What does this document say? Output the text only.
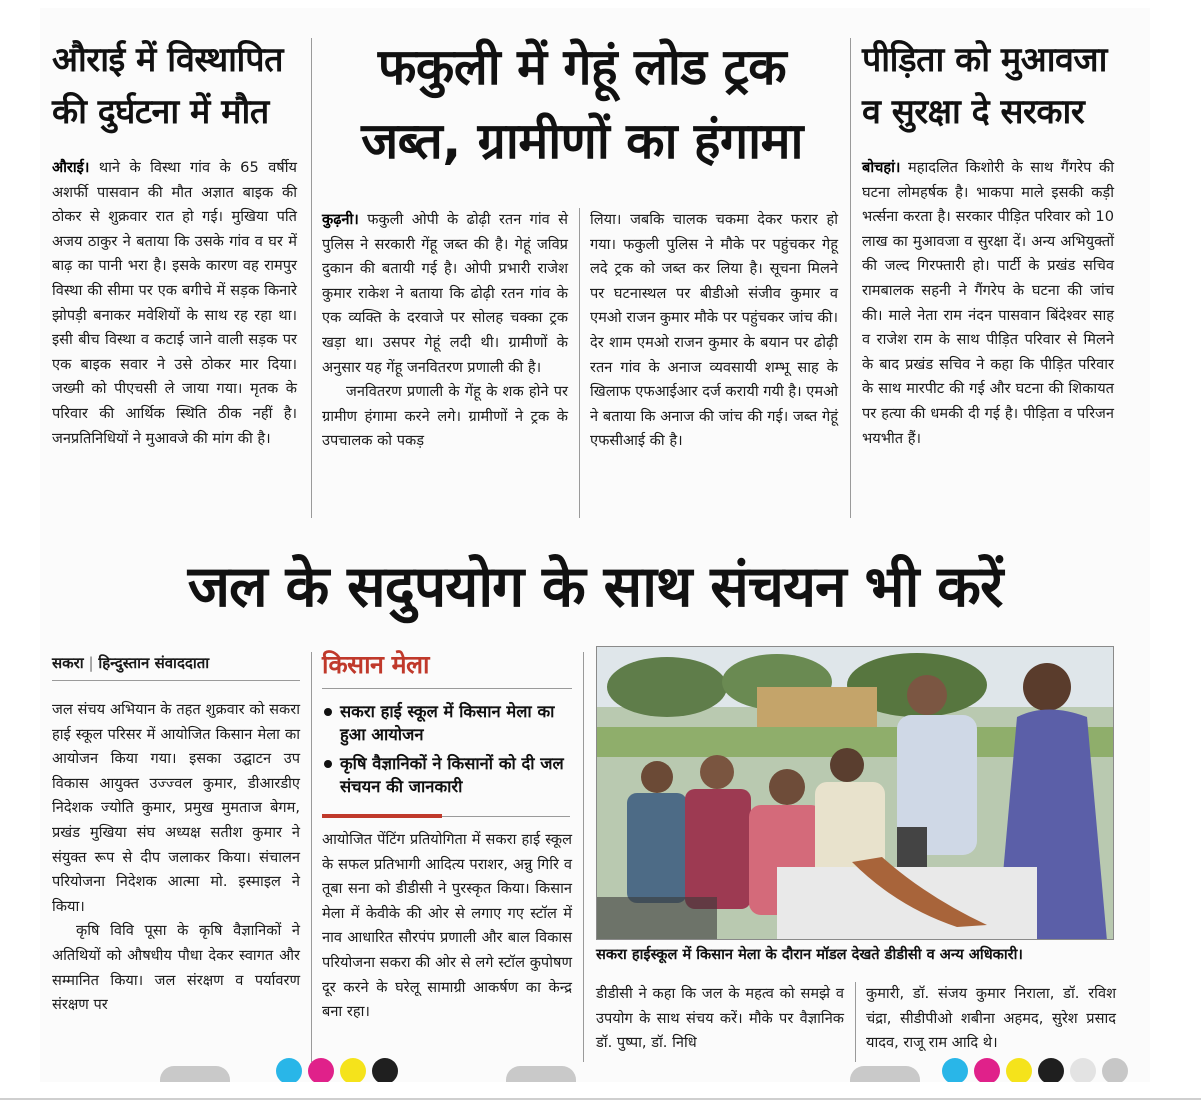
औराई में विस्थापित
की दुर्घटना में मौत
औराई। थाने के विस्था गांव के 65 वर्षीय अशर्फी पासवान की मौत अज्ञात बाइक की ठोकर से शुक्रवार रात हो गई। मुखिया पति अजय ठाकुर ने बताया कि उसके गांव व घर में बाढ़ का पानी भरा है। इसके कारण वह रामपुर विस्था की सीमा पर एक बगीचे में सड़क किनारे झोपड़ी बनाकर मवेशियों के साथ रह रहा था। इसी बीच विस्था व कटाई जाने वाली सड़क पर एक बाइक सवार ने उसे ठोकर मार दिया। जख्मी को पीएचसी ले जाया गया। मृतक के परिवार की आर्थिक स्थिति ठीक नहीं है। जनप्रतिनिधियों ने मुआवजे की मांग की है।
फकुली में गेहूं लोड ट्रक
जब्त, ग्रामीणों का हंगामा

कुढ़नी। फकुली ओपी के ढोढ़ी रतन गांव से पुलिस ने सरकारी गेंहू जब्त की है। गेहूं जविप्र दुकान की बतायी गई है। ओपी प्रभारी राजेश कुमार राकेश ने बताया कि ढोढ़ी रतन गांव के एक व्यक्ति के दरवाजे पर सोलह चक्का ट्रक खड़ा था। उसपर गेहूं लदी थी। ग्रामीणों के अनुसार यह गेंहू जनवितरण प्रणाली की है।

जनवितरण प्रणाली के गेंहू के शक होने पर ग्रामीण हंगामा करने लगे। ग्रामीणों ने ट्रक के उपचालक को पकड़

लिया। जबकि चालक चकमा देकर फरार हो गया। फकुली पुलिस ने मौके पर पहुंचकर गेहू लदे ट्रक को जब्त कर लिया है। सूचना मिलने पर घटनास्थल पर बीडीओ संजीव कुमार व एमओ राजन कुमार मौके पर पहुंचकर जांच की। देर शाम एमओ राजन कुमार के बयान पर ढोढ़ी रतन गांव के अनाज व्यवसायी शम्भू साह के खिलाफ एफआईआर दर्ज करायी गयी है। एमओ ने बताया कि अनाज की जांच की गई। जब्त गेहूं एफसीआई की है।
पीड़िता को मुआवजा
व सुरक्षा दे सरकार
बोचहां। महादलित किशोरी के साथ गैंगरेप की घटना लोमहर्षक है। भाकपा माले इसकी कड़ी भर्त्सना करता है। सरकार पीड़ित परिवार को 10 लाख का मुआवजा व सुरक्षा दें। अन्य अभियुक्तों की जल्द गिरफ्तारी हो। पार्टी के प्रखंड सचिव रामबालक सहनी ने गैंगरेप के घटना की जांच की। माले नेता राम नंदन पासवान बिंदेश्वर साह व राजेश राम के साथ पीड़ित परिवार से मिलने के बाद प्रखंड सचिव ने कहा कि पीड़ित परिवार के साथ मारपीट की गई और घटना की शिकायत पर हत्या की धमकी दी गई है। पीड़िता व परिजन भयभीत हैं।
जल के सदुपयोग के साथ संचयन भी करें
सकरा | हिन्दुस्तान संवाददाता

जल संचय अभियान के तहत शुक्रवार को सकरा हाई स्कूल परिसर में आयोजित किसान मेला का आयोजन किया गया। इसका उद्घाटन उप विकास आयुक्त उज्ज्वल कुमार, डीआरडीए निदेशक ज्योति कुमार, प्रमुख मुमताज बेगम, प्रखंड मुखिया संघ अध्यक्ष सतीश कुमार ने संयुक्त रूप से दीप जलाकर किया। संचालन परियोजना निदेशक आत्मा मो. इस्माइल ने किया।

कृषि विवि पूसा के कृषि वैज्ञानिकों ने अतिथियों को औषधीय पौधा देकर स्वागत और सम्मानित किया। जल संरक्षण व पर्यावरण संरक्षण पर

किसान मेला
सकरा हाई स्कूल में किसान मेला का हुआ आयोजन
कृषि वैज्ञानिकों ने किसानों को दी जल संचयन की जानकारी
आयोजित पेंटिंग प्रतियोगिता में सकरा हाई स्कूल के सफल प्रतिभागी आदित्य पराशर, अन्नु गिरि व तूबा सना को डीडीसी ने पुरस्कृत किया। किसान मेला में केवीके की ओर से लगाए गए स्टॉल में नाव आधारित सौरपंप प्रणाली और बाल विकास परियोजना सकरा की ओर से लगे स्टॉल कुपोषण दूर करने के घरेलू सामाग्री आकर्षण का केन्द्र बना रहा।
सकरा हाईस्कूल में किसान मेला के दौरान मॉडल देखते डीडीसी व अन्य अधिकारी।
डीडीसी ने कहा कि जल के महत्व को समझे व उपयोग के साथ संचय करें। मौके पर वैज्ञानिक डॉ. पुष्पा, डॉ. निधि
कुमारी, डॉ. संजय कुमार निराला, डॉ. रविश चंद्रा, सीडीपीओ शबीना अहमद, सुरेश प्रसाद यादव, राजू राम आदि थे।
